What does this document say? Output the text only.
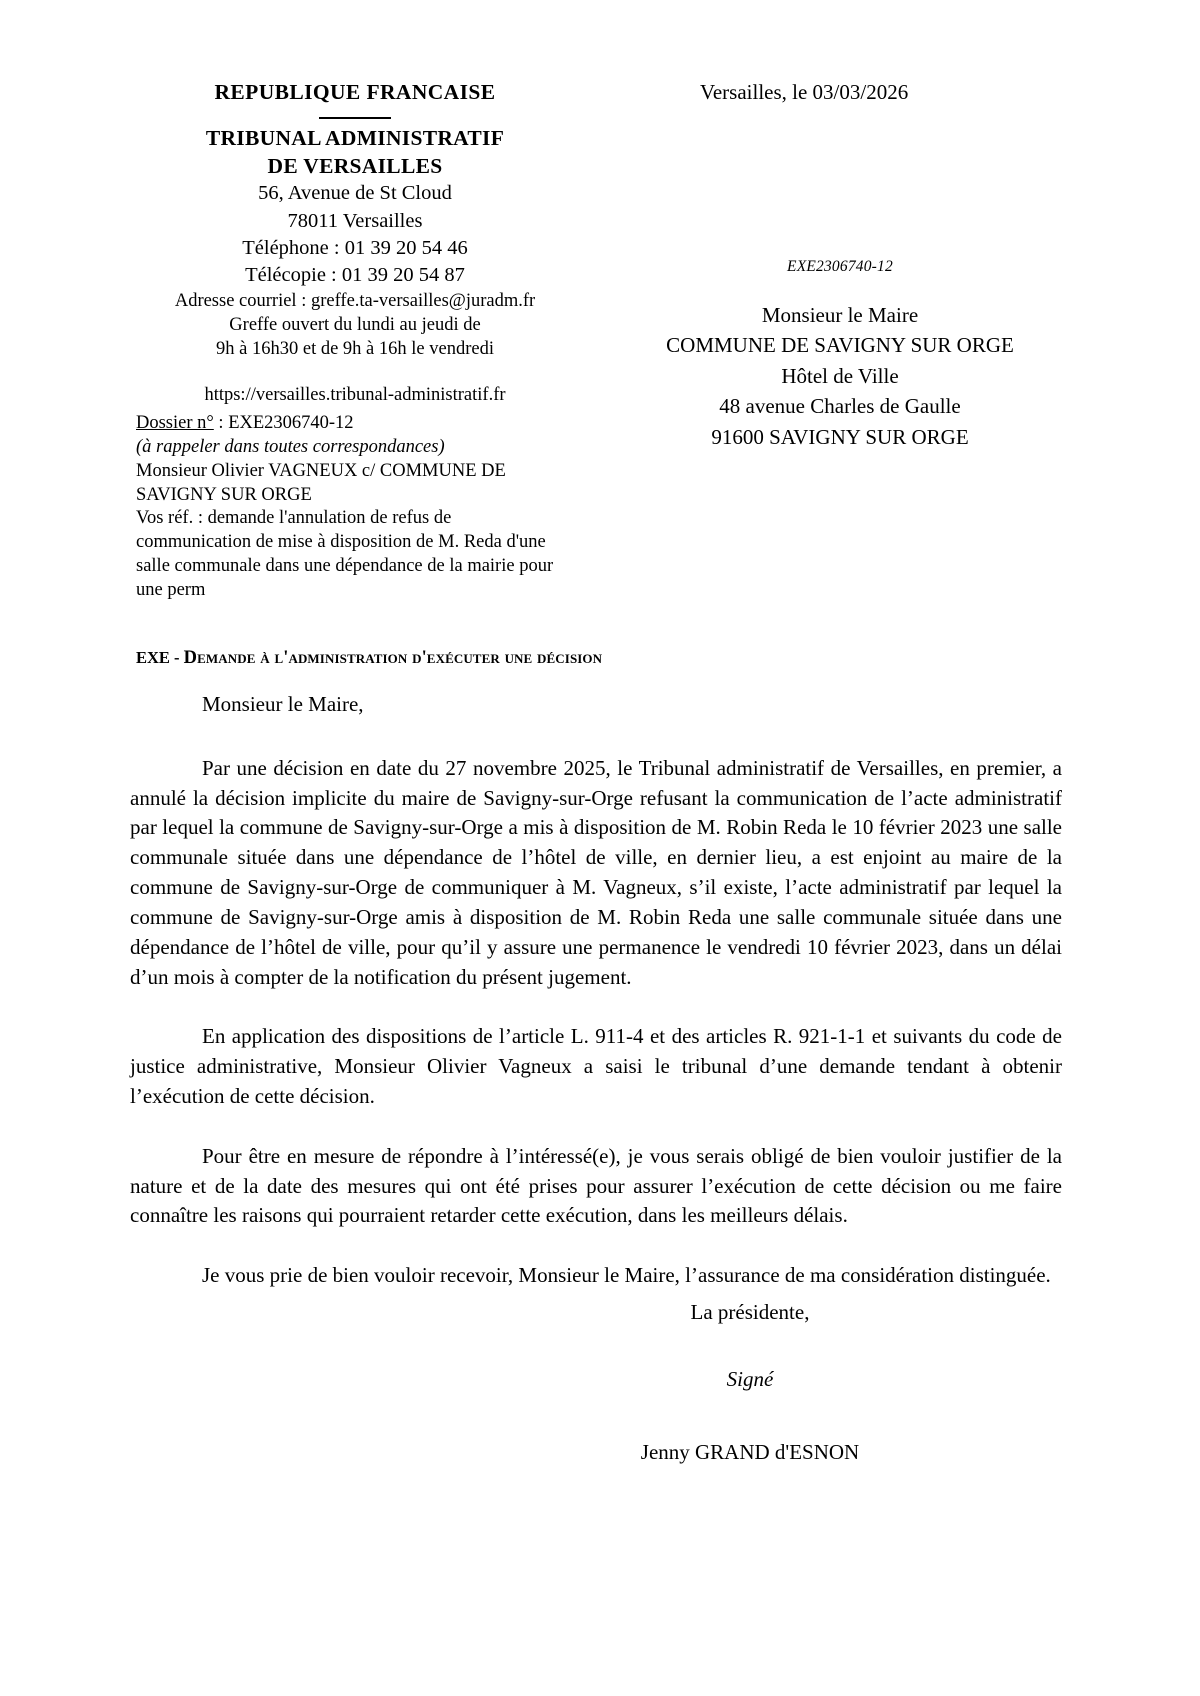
REPUBLIQUE FRANCAISE
TRIBUNAL ADMINISTRATIF
DE VERSAILLES
56, Avenue de St Cloud
78011 Versailles
Téléphone : 01 39 20 54 46
Télécopie : 01 39 20 54 87
Adresse courriel : greffe.ta-versailles@juradm.fr
Greffe ouvert du lundi au jeudi de
9h à 16h30 et de 9h à 16h le vendredi
https://versailles.tribunal-administratif.fr
Versailles, le 03/03/2026
EXE2306740-12
Monsieur le Maire
COMMUNE DE SAVIGNY SUR ORGE
Hôtel de Ville
48 avenue Charles de Gaulle
91600 SAVIGNY SUR ORGE
Dossier n° : EXE2306740-12
(à rappeler dans toutes correspondances)
Monsieur Olivier VAGNEUX c/ COMMUNE DE
SAVIGNY SUR ORGE
Vos réf. : demande l'annulation de refus de
communication de mise à disposition de M. Reda d'une
salle communale dans une dépendance de la mairie pour
une perm
EXE - Demande à l'administration d'exécuter une décision

Monsieur le Maire,

Par une décision en date du 27 novembre 2025, le Tribunal administratif de Versailles, en premier, a annulé la décision implicite du maire de Savigny-sur-Orge refusant la communication de l’acte administratif par lequel la commune de Savigny-sur-Orge a mis à disposition de M. Robin Reda le 10 février 2023 une salle communale située dans une dépendance de l’hôtel de ville, en dernier lieu, a est enjoint au maire de la commune de Savigny-sur-Orge de communiquer à M. Vagneux, s’il existe, l’acte administratif par lequel la commune de Savigny-sur-Orge amis à disposition de M. Robin Reda une salle communale située dans une dépendance de l’hôtel de ville, pour qu’il y assure une permanence le vendredi 10 février 2023, dans un délai d’un mois à compter de la notification du présent jugement.

En application des dispositions de l’article L. 911-4 et des articles R. 921-1-1 et suivants du code de justice administrative, Monsieur Olivier Vagneux a saisi le tribunal d’une demande tendant à obtenir l’exécution de cette décision.

Pour être en mesure de répondre à l’intéressé(e), je vous serais obligé de bien vouloir justifier de la nature et de la date des mesures qui ont été prises pour assurer l’exécution de cette décision ou me faire connaître les raisons qui pourraient retarder cette exécution, dans les meilleurs délais.

Je vous prie de bien vouloir recevoir, Monsieur le Maire, l’assurance de ma considération distinguée.

La présidente,
Signé
Jenny GRAND d'ESNON
